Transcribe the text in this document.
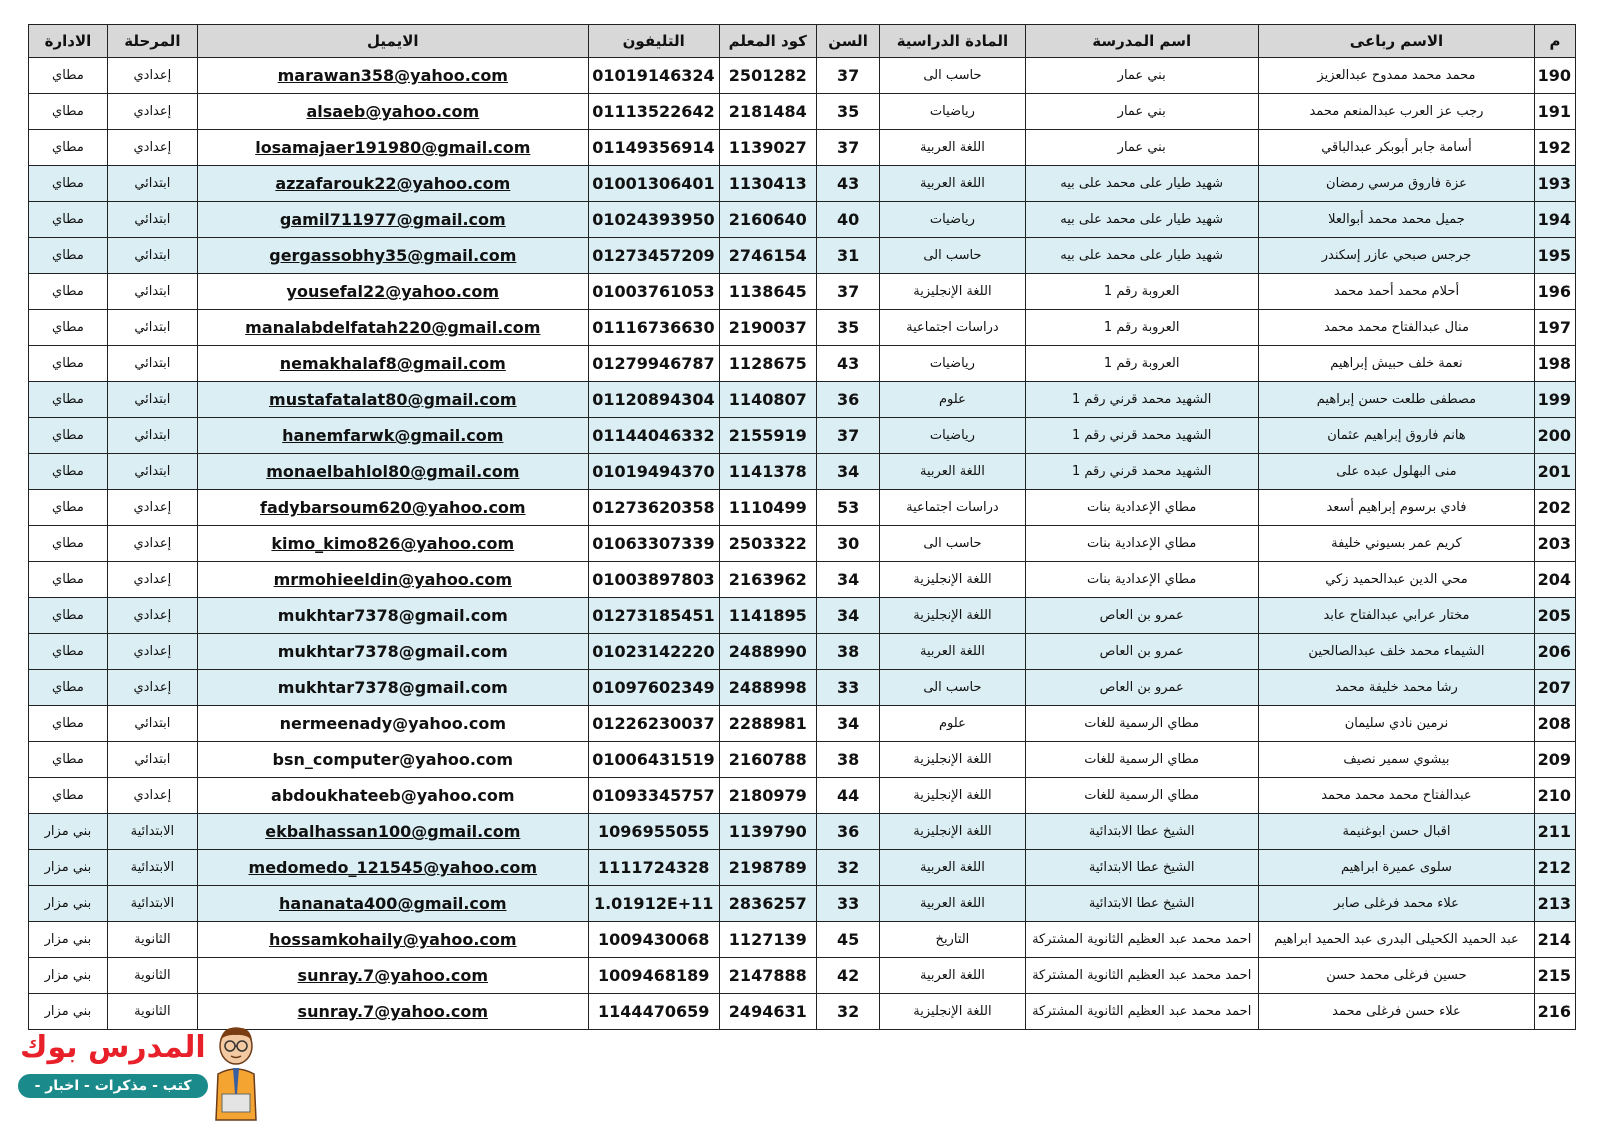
م	الاسم رباعى	اسم المدرسة	المادة الدراسية	السن	كود المعلم	التليفون	الايميل	المرحلة	الادارة
190	محمد محمد ممدوح عبدالعزيز	بني عمار	حاسب الى	37	2501282	01019146324	marawan358@yahoo.com	إعدادي	مطاي
191	رجب عز العرب عبدالمنعم محمد	بني عمار	رياضيات	35	2181484	01113522642	alsaeb@yahoo.com	إعدادي	مطاي
192	أسامة جابر أبوبكر عبدالباقي	بني عمار	اللغة العربية	37	1139027	01149356914	losamajaer191980@gmail.com	إعدادي	مطاي
193	عزة فاروق مرسي رمضان	شهيد طيار على محمد على بيه	اللغة العربية	43	1130413	01001306401	azzafarouk22@yahoo.com	ابتدائي	مطاي
194	جميل محمد محمد أبوالعلا	شهيد طيار على محمد على بيه	رياضيات	40	2160640	01024393950	gamil711977@gmail.com	ابتدائي	مطاي
195	جرجس صبحي عازر إسكندر	شهيد طيار على محمد على بيه	حاسب الى	31	2746154	01273457209	gergassobhy35@gmail.com	ابتدائي	مطاي
196	أحلام محمد أحمد محمد	العروبة رقم 1	اللغة الإنجليزية	37	1138645	01003761053	yousefal22@yahoo.com	ابتدائي	مطاي
197	منال عبدالفتاح محمد محمد	العروبة رقم 1	دراسات اجتماعية	35	2190037	01116736630	manalabdelfatah220@gmail.com	ابتدائي	مطاي
198	نعمة خلف حبيش إبراهيم	العروبة رقم 1	رياضيات	43	1128675	01279946787	nemakhalaf8@gmail.com	ابتدائي	مطاي
199	مصطفى طلعت حسن إبراهيم	الشهيد محمد قرني رقم 1	علوم	36	1140807	01120894304	mustafatalat80@gmail.com	ابتدائي	مطاي
200	هانم فاروق إبراهيم عثمان	الشهيد محمد قرني رقم 1	رياضيات	37	2155919	01144046332	hanemfarwk@gmail.com	ابتدائي	مطاي
201	منى البهلول عبده على	الشهيد محمد قرني رقم 1	اللغة العربية	34	1141378	01019494370	monaelbahlol80@gmail.com	ابتدائي	مطاي
202	فادي برسوم إبراهيم أسعد	مطاي الإعدادية بنات	دراسات اجتماعية	53	1110499	01273620358	fadybarsoum620@yahoo.com	إعدادي	مطاي
203	كريم عمر بسيوني خليفة	مطاي الإعدادية بنات	حاسب الى	30	2503322	01063307339	kimo_kimo826@yahoo.com	إعدادي	مطاي
204	محي الدين عبدالحميد زكي	مطاي الإعدادية بنات	اللغة الإنجليزية	34	2163962	01003897803	mrmohieeldin@yahoo.com	إعدادي	مطاي
205	مختار عرابي عبدالفتاح عابد	عمرو بن العاص	اللغة الإنجليزية	34	1141895	01273185451	mukhtar7378@gmail.com	إعدادي	مطاي
206	الشيماء محمد خلف عبدالصالحين	عمرو بن العاص	اللغة العربية	38	2488990	01023142220	mukhtar7378@gmail.com	إعدادي	مطاي
207	رشا محمد خليفة محمد	عمرو بن العاص	حاسب الى	33	2488998	01097602349	mukhtar7378@gmail.com	إعدادي	مطاي
208	نرمين نادي سليمان	مطاي الرسمية للغات	علوم	34	2288981	01226230037	nermeenady@yahoo.com	ابتدائي	مطاي
209	بيشوي سمير نصيف	مطاي الرسمية للغات	اللغة الإنجليزية	38	2160788	01006431519	bsn_computer@yahoo.com	ابتدائي	مطاي
210	عبدالفتاح محمد محمد محمد	مطاي الرسمية للغات	اللغة الإنجليزية	44	2180979	01093345757	abdoukhateeb@yahoo.com	إعدادي	مطاي
211	اقبال حسن ابوغنيمة	الشيخ عطا الابتدائية	اللغة الإنجليزية	36	1139790	1096955055	ekbalhassan100@gmail.com	الابتدائية	بني مزار
212	سلوى عميرة ابراهيم	الشيخ عطا الابتدائية	اللغة العربية	32	2198789	1111724328	medomedo_121545@yahoo.com	الابتدائية	بني مزار
213	علاء محمد فرغلى صابر	الشيخ عطا الابتدائية	اللغة العربية	33	2836257	1.01912E+11	hananata400@gmail.com	الابتدائية	بني مزار
214	عبد الحميد الكحيلى البدرى عبد الحميد ابراهيم	احمد محمد عبد العظيم الثانوية المشتركة	التاريخ	45	1127139	1009430068	hossamkohaily@yahoo.com	الثانوية	بني مزار
215	حسين فرغلى محمد حسن	احمد محمد عبد العظيم الثانوية المشتركة	اللغة العربية	42	2147888	1009468189	sunray.7@yahoo.com	الثانوية	بني مزار
216	علاء حسن فرغلى محمد	احمد محمد عبد العظيم الثانوية المشتركة	اللغة الإنجليزية	32	2494631	1144470659	sunray.7@yahoo.com	الثانوية	بني مزار
المدرس بوك
كتب - مذكرات - اخبار - نتائج
